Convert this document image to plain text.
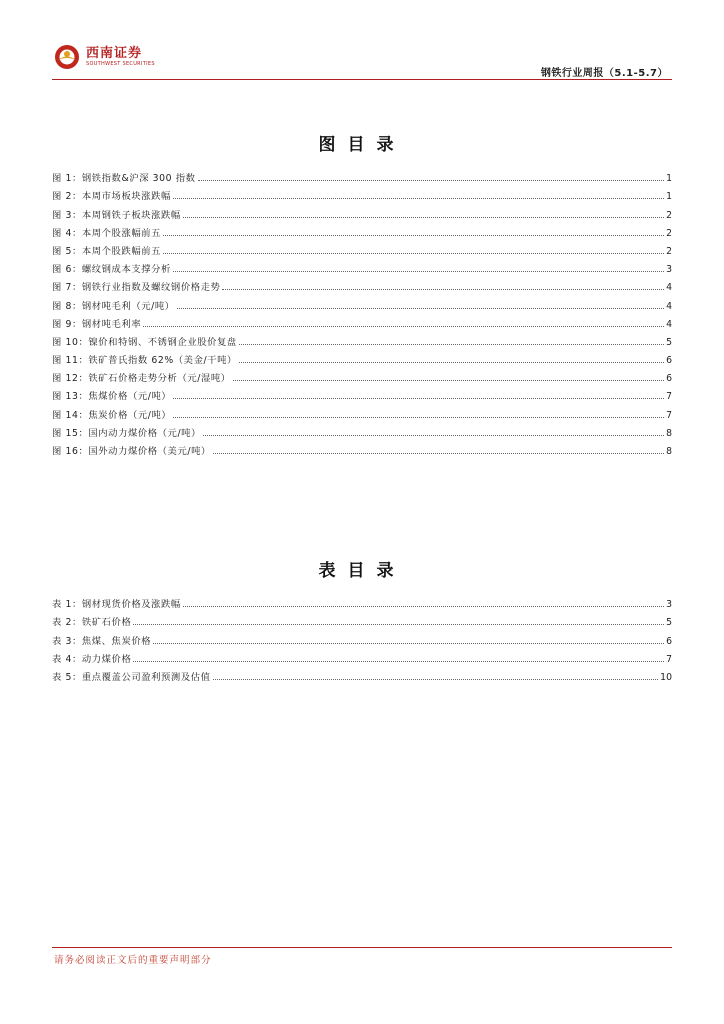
西南证券
SOUTHWEST SECURITIES
钢铁行业周报（5.1-5.7）
图目录
图 1：钢铁指数&沪深 300 指数	1
图 2：本周市场板块涨跌幅	1
图 3：本周钢铁子板块涨跌幅	2
图 4：本周个股涨幅前五	2
图 5：本周个股跌幅前五	2
图 6：螺纹钢成本支撑分析	3
图 7：钢铁行业指数及螺纹钢价格走势	4
图 8：钢材吨毛利（元/吨）	4
图 9：钢材吨毛利率	4
图 10：镍价和特钢、不锈钢企业股价复盘	5
图 11：铁矿普氏指数 62%（美金/干吨）	6
图 12：铁矿石价格走势分析（元/湿吨）	6
图 13：焦煤价格（元/吨）	7
图 14：焦炭价格（元/吨）	7
图 15：国内动力煤价格（元/吨）	8
图 16：国外动力煤价格（美元/吨）	8
表目录
表 1：钢材现货价格及涨跌幅	3
表 2：铁矿石价格	5
表 3：焦煤、焦炭价格	6
表 4：动力煤价格	7
表 5：重点覆盖公司盈利预测及估值	10
请务必阅读正文后的重要声明部分
